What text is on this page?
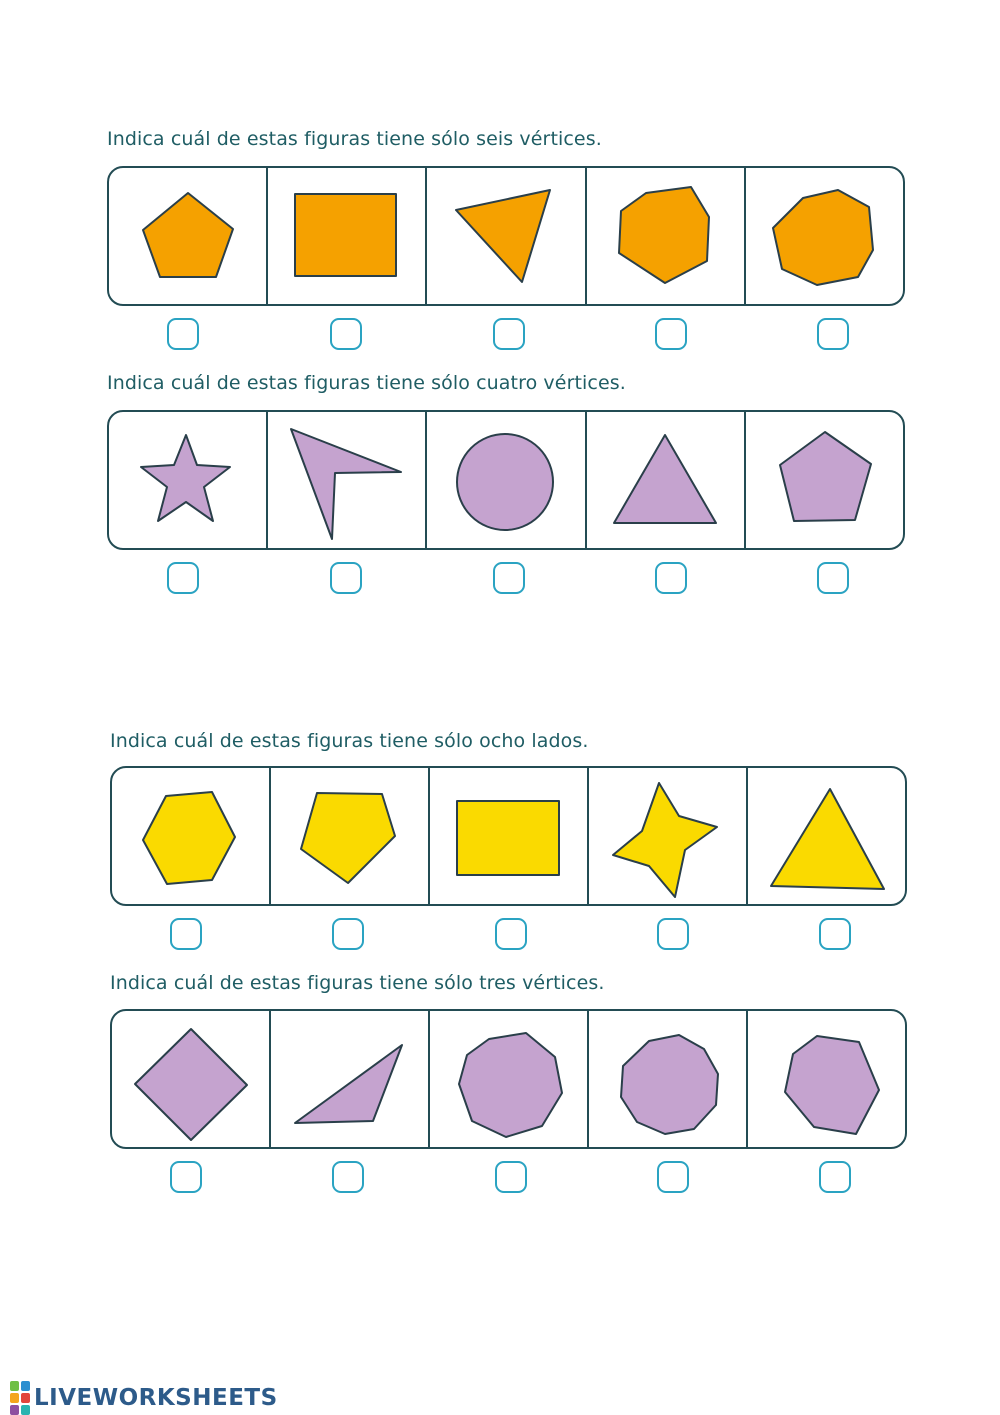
Indica cuál de estas figuras tiene sólo seis vértices.
Indica cuál de estas figuras tiene sólo cuatro vértices.
Indica cuál de estas figuras tiene sólo ocho lados.
Indica cuál de estas figuras tiene sólo tres vértices.
LIVEWORKSHEETS
